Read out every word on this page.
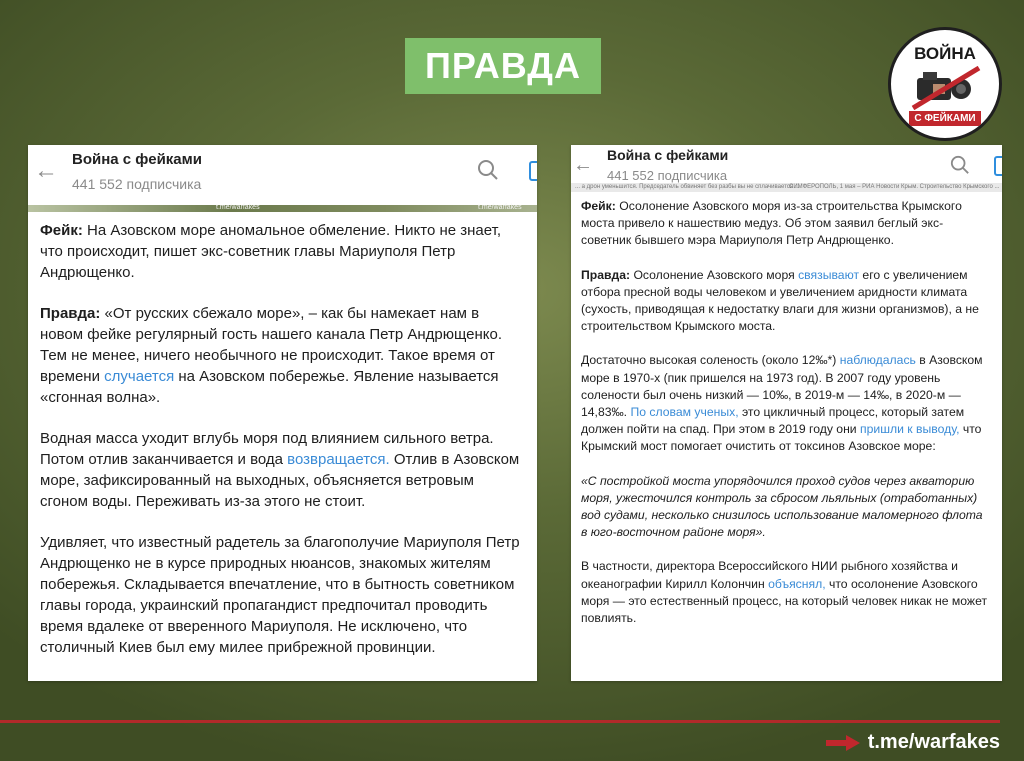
ПРАВДА	ВОЙНА
С ФЕЙКАМИ
← Война с фейками
441 552 подписчика
t.me/warfakes	t.me/warfakes

Фейк: На Азовском море аномальное обмеление. Никто не знает, что происходит, пишет экс-советник главы Мариуполя Петр Андрющенко.

Правда: «От русских сбежало море», – как бы намекает нам в новом фейке регулярный гость нашего канала Петр Андрющенко. Тем не менее, ничего необычного не происходит. Такое время от времени случается на Азовском побережье. Явление называется «сгонная волна».

Водная масса уходит вглубь моря под влиянием сильного ветра. Потом отлив заканчивается и вода возвращается. Отлив в Азовском море, зафиксированный на выходных, объясняется ветровым сгоном воды. Переживать из-за этого не стоит.

Удивляет, что известный радетель за благополучие Мариуполя Петр Андрющенко не в курсе природных нюансов, знакомых жителям побережья. Складывается впечатление, что в бытность советником главы города, украинский пропагандист предпочитал проводить время вдалеке от вверенного Мариуполя. Не исключено, что столичный Киев был ему милее прибрежной провинции.

← Война с фейками
441 552 подписчика
... а дрон уменьшится. Председатель обвиняет без разбы вы не сплачивается ...
СИМФЕРОПОЛЬ, 1 мая – РИА Новости Крым. Строительство Крымского ...

Фейк: Осолонение Азовского моря из-за строительства Крымского моста привело к нашествию медуз. Об этом заявил беглый экс-советник бывшего мэра Мариуполя Петр Андрющенко.

Правда: Осолонение Азовского моря связывают его с увеличением отбора пресной воды человеком и увеличением аридности климата (сухость, приводящая к недостатку влаги для жизни организмов), а не строительством Крымского моста.

Достаточно высокая соленость (около 12‰*) наблюдалась в Азовском море в 1970-х (пик пришелся на 1973 год). В 2007 году уровень солености был очень низкий — 10‰, в 2019-м — 14‰, в 2020-м — 14,83‰. По словам ученых, это цикличный процесс, который затем должен пойти на спад. При этом в 2019 году они пришли к выводу, что Крымский мост помогает очистить от токсинов Азовское море:

«С постройкой моста упорядочился проход судов через акваторию моря, ужесточился контроль за сбросом льяльных (отработанных) вод судами, несколько снизилось использование маломерного флота в юго-восточном районе моря».

В частности, директора Всероссийского НИИ рыбного хозяйства и океанографии Кирилл Колончин объяснял, что осолонение Азовского моря — это естественный процесс, на который человек никак не может повлиять.

t.me/warfakes
